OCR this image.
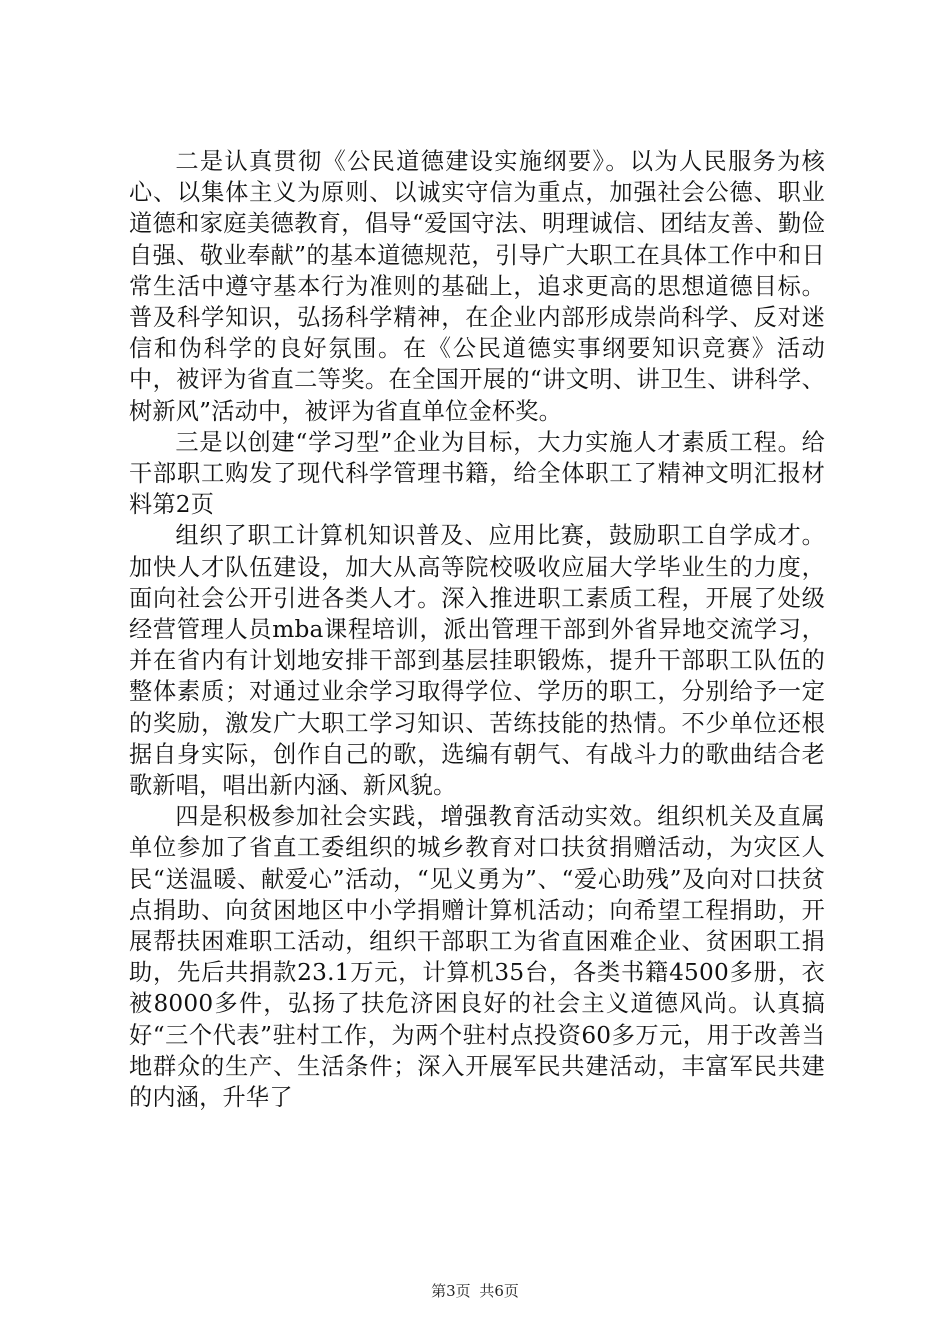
二是认真贯彻《公民道德建设实施纲要》。以为人民服务为核心、以集体主义为原则、以诚实守信为重点，加强社会公德、职业道德和家庭美德教育，倡导“爱国守法、明理诚信、团结友善、勤俭自强、敬业奉献”的基本道德规范，引导广大职工在具体工作中和日常生活中遵守基本行为准则的基础上，追求更高的思想道德目标。普及科学知识，弘扬科学精神，在企业内部形成崇尚科学、反对迷信和伪科学的良好氛围。在《公民道德实事纲要知识竞赛》活动中，被评为省直二等奖。在全国开展的“讲文明、讲卫生、讲科学、树新风”活动中，被评为省直单位金杯奖。

三是以创建“学习型”企业为目标，大力实施人才素质工程。给干部职工购发了现代科学管理书籍，给全体职工了精神文明汇报材料第2页

组织了职工计算机知识普及、应用比赛，鼓励职工自学成才。加快人才队伍建设，加大从高等院校吸收应届大学毕业生的力度，面向社会公开引进各类人才。深入推进职工素质工程，开展了处级经营管理人员mba课程培训，派出管理干部到外省异地交流学习，并在省内有计划地安排干部到基层挂职锻炼，提升干部职工队伍的整体素质；对通过业余学习取得学位、学历的职工，分别给予一定的奖励，激发广大职工学习知识、苦练技能的热情。不少单位还根据自身实际，创作自己的歌，选编有朝气、有战斗力的歌曲结合老歌新唱，唱出新内涵、新风貌。

四是积极参加社会实践，增强教育活动实效。组织机关及直属单位参加了省直工委组织的城乡教育对口扶贫捐赠活动，为灾区人民“送温暖、献爱心”活动，“见义勇为”、“爱心助残”及向对口扶贫点捐助、向贫困地区中小学捐赠计算机活动；向希望工程捐助，开展帮扶困难职工活动，组织干部职工为省直困难企业、贫困职工捐助，先后共捐款23.1万元，计算机35台，各类书籍4500多册，衣被8000多件，弘扬了扶危济困良好的社会主义道德风尚。认真搞好“三个代表”驻村工作，为两个驻村点投资60多万元，用于改善当地群众的生产、生活条件；深入开展军民共建活动，丰富军民共建的内涵，升华了

第3页 共6页
